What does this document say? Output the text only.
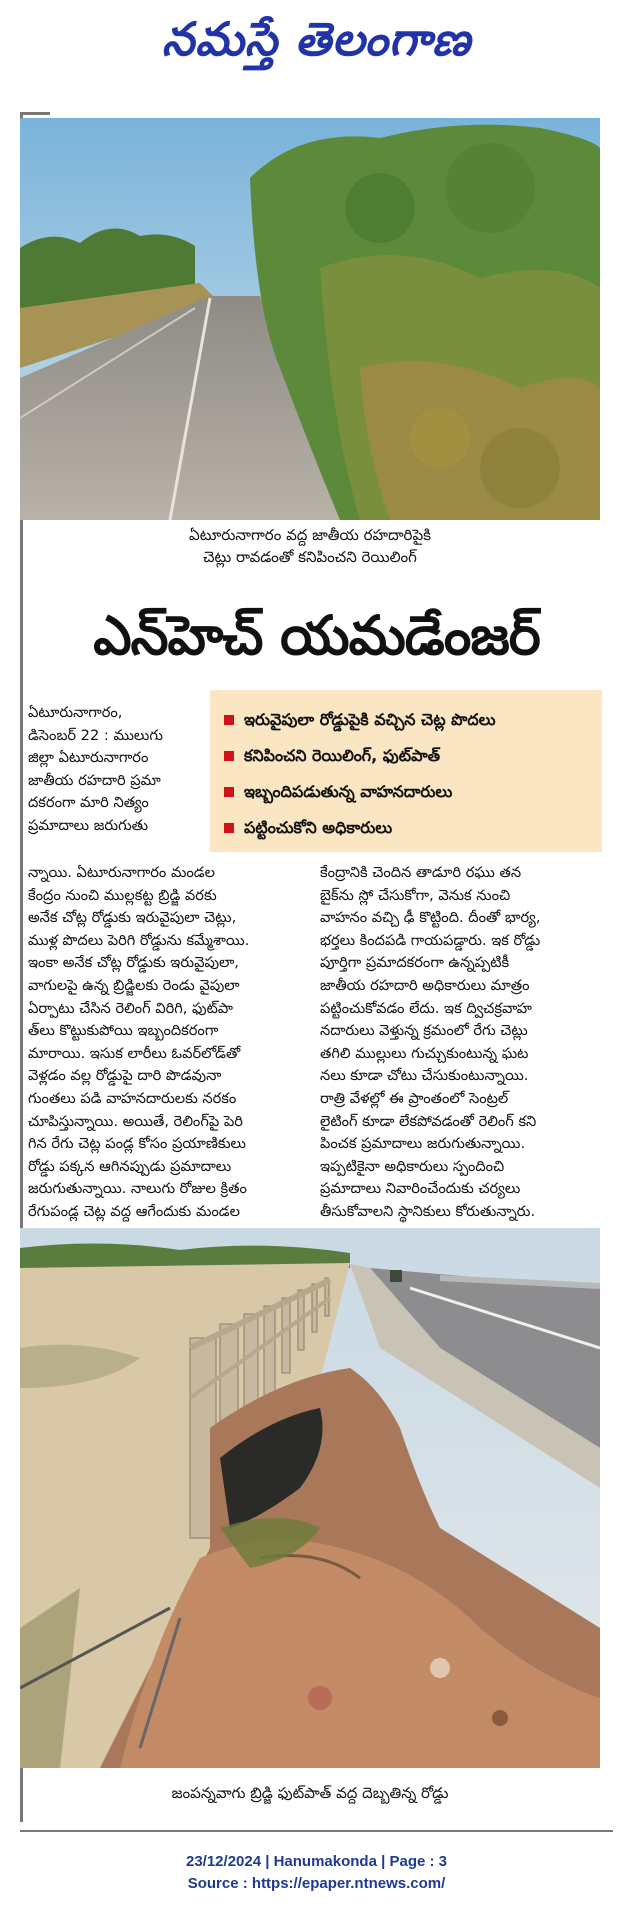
నమస్తే తెలంగాణ
ఏటూరునాగారం వద్ద జాతీయ రహదారిపైకి
చెట్లు రావడంతో కనిపించని రెయిలింగ్
ఎన్‌హెచ్ యమడేంజర్
ఏటూరునాగారం,
డిసెంబర్ 22 : ములుగు
జిల్లా ఏటూరునాగారం
జాతీయ రహదారి ప్రమా
దకరంగా మారి నిత్యం
ప్రమాదాలు జరుగుతు
ఇరువైపులా రోడ్డుపైకి వచ్చిన చెట్ల పొదలు
కనిపించని రెయిలింగ్, ఫుట్‌పాత్
ఇబ్బందిపడుతున్న వాహనదారులు
పట్టించుకోని అధికారులు
న్నాయి. ఏటూరునాగారం మండల
కేంద్రం నుంచి ముల్లకట్ట బ్రిడ్జి వరకు
అనేక చోట్ల రోడ్డుకు ఇరువైపులా చెట్లు,
ముళ్ల పొదలు పెరిగి రోడ్డును కమ్మేశాయి.
ఇంకా అనేక చోట్ల రోడ్డుకు ఇరువైపులా,
వాగులపై ఉన్న బ్రిడ్జిలకు రెండు వైపులా
ఏర్పాటు చేసిన రెలింగ్ విరిగి, ఫుట్‌పా
త్‌లు కొట్టుకుపోయి ఇబ్బందికరంగా
మారాయి. ఇసుక లారీలు ఓవర్‌లోడ్‌తో
వెళ్లడం వల్ల రోడ్డుపై దారి పొడవునా
గుంతలు పడి వాహనదారులకు నరకం
చూపిస్తున్నాయి. అయితే, రెలింగ్‌పై పెరి
గిన రేగు చెట్ల పండ్ల కోసం ప్రయాణికులు
రోడ్డు పక్కన ఆగినప్పుడు ప్రమాదాలు
జరుగుతున్నాయి. నాలుగు రోజుల క్రితం
రేగుపండ్ల చెట్ల వద్ద ఆగేందుకు మండల
కేంద్రానికి చెందిన తాడూరి రఘు తన
బైక్‌ను స్లో చేసుకోగా, వెనుక నుంచి
వాహనం వచ్చి ఢీ కొట్టింది. దీంతో భార్య,
భర్తలు కిందపడి గాయపడ్డారు. ఇక రోడ్డు
పూర్తిగా ప్రమాదకరంగా ఉన్నప్పటికీ
జాతీయ రహదారి అధికారులు మాత్రం
పట్టించుకోవడం లేదు. ఇక ద్విచక్రవాహ
నదారులు వెళ్తున్న క్రమంలో రేగు చెట్లు
తగిలి ముల్లులు గుచ్చుకుంటున్న ఘట
నలు కూడా చోటు చేసుకుంటున్నాయి.
రాత్రి వేళల్లో ఈ ప్రాంతంలో సెంట్రల్
లైటింగ్ కూడా లేకపోవడంతో రెలింగ్ కని
పించక ప్రమాదాలు జరుగుతున్నాయి.
ఇప్పటికైనా అధికారులు స్పందించి
ప్రమాదాలు నివారించేందుకు చర్యలు
తీసుకోవాలని స్థానికులు కోరుతున్నారు.
జంపన్నవాగు బ్రిడ్జి ఫుట్‌పాత్ వద్ద దెబ్బతిన్న రోడ్డు
23/12/2024 | Hanumakonda | Page : 3
Source : https://epaper.ntnews.com/
